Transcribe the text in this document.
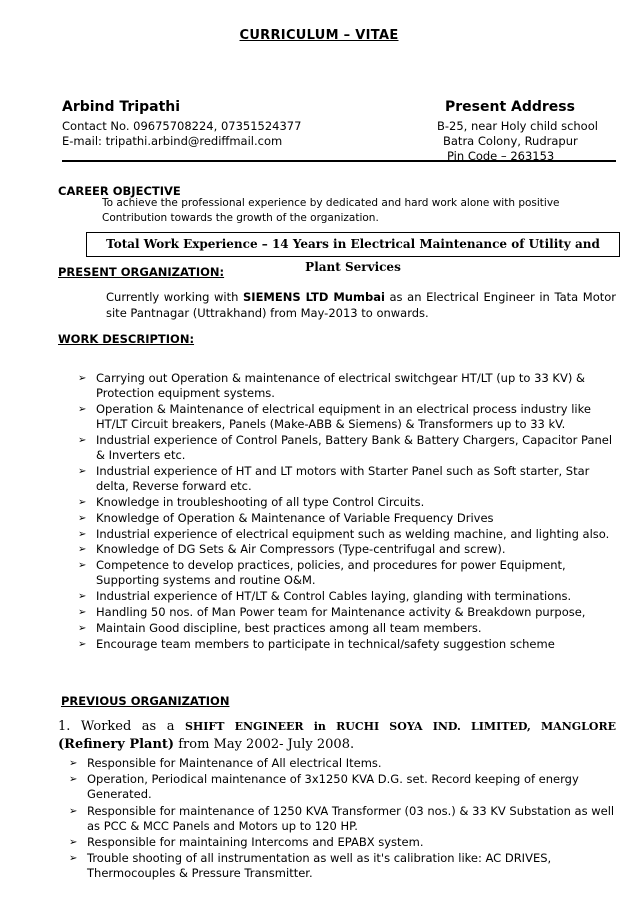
CURRICULUM – VITAE
Arbind Tripathi
Contact No. 09675708224, 07351524377
E-mail: tripathi.arbind@rediffmail.com
Present Address
B-25, near Holy child school
Batra Colony, Rudrapur
Pin Code – 263153
CAREER OBJECTIVE
To achieve the professional experience by dedicated and hard work alone with positive
Contribution towards the growth of the organization.
Total Work Experience – 14 Years in Electrical Maintenance of Utility and Plant Services
PRESENT ORGANIZATION:
Currently working with SIEMENS LTD Mumbai as an Electrical Engineer in Tata Motor site Pantnagar (Uttrakhand) from May-2013 to onwards.
WORK DESCRIPTION:
➢ Carrying out Operation & maintenance of electrical switchgear HT/LT (up to 33 KV) & Protection equipment systems.
➢ Operation & Maintenance of electrical equipment in an electrical process industry like HT/LT Circuit breakers, Panels (Make-ABB & Siemens) & Transformers up to 33 kV.
➢ Industrial experience of Control Panels, Battery Bank & Battery Chargers, Capacitor Panel & Inverters etc.
➢ Industrial experience of HT and LT motors with Starter Panel such as Soft starter, Star delta, Reverse forward etc.
➢ Knowledge in troubleshooting of all type Control Circuits.
➢ Knowledge of Operation & Maintenance of Variable Frequency Drives
➢ Industrial experience of electrical equipment such as welding machine, and lighting also.
➢ Knowledge of DG Sets & Air Compressors (Type-centrifugal and screw).
➢ Competence to develop practices, policies, and procedures for power Equipment, Supporting systems and routine O&M.
➢ Industrial experience of HT/LT & Control Cables laying, glanding with terminations.
➢ Handling 50 nos. of Man Power team for Maintenance activity & Breakdown purpose,
➢ Maintain Good discipline, best practices among all team members.
➢ Encourage team members to participate in technical/safety suggestion scheme
PREVIOUS ORGANIZATION
1. Worked as a SHIFT ENGINEER in RUCHI SOYA IND. LIMITED, MANGLORE (Refinery Plant) from May 2002- July 2008.
➢ Responsible for Maintenance of All electrical Items.
➢ Operation, Periodical maintenance of 3x1250 KVA D.G. set. Record keeping of energy Generated.
➢ Responsible for maintenance of 1250 KVA Transformer (03 nos.) & 33 KV Substation as well as PCC & MCC Panels and Motors up to 120 HP.
➢ Responsible for maintaining Intercoms and EPABX system.
➢ Trouble shooting of all instrumentation as well as it's calibration like: AC DRIVES, Thermocouples & Pressure Transmitter.
